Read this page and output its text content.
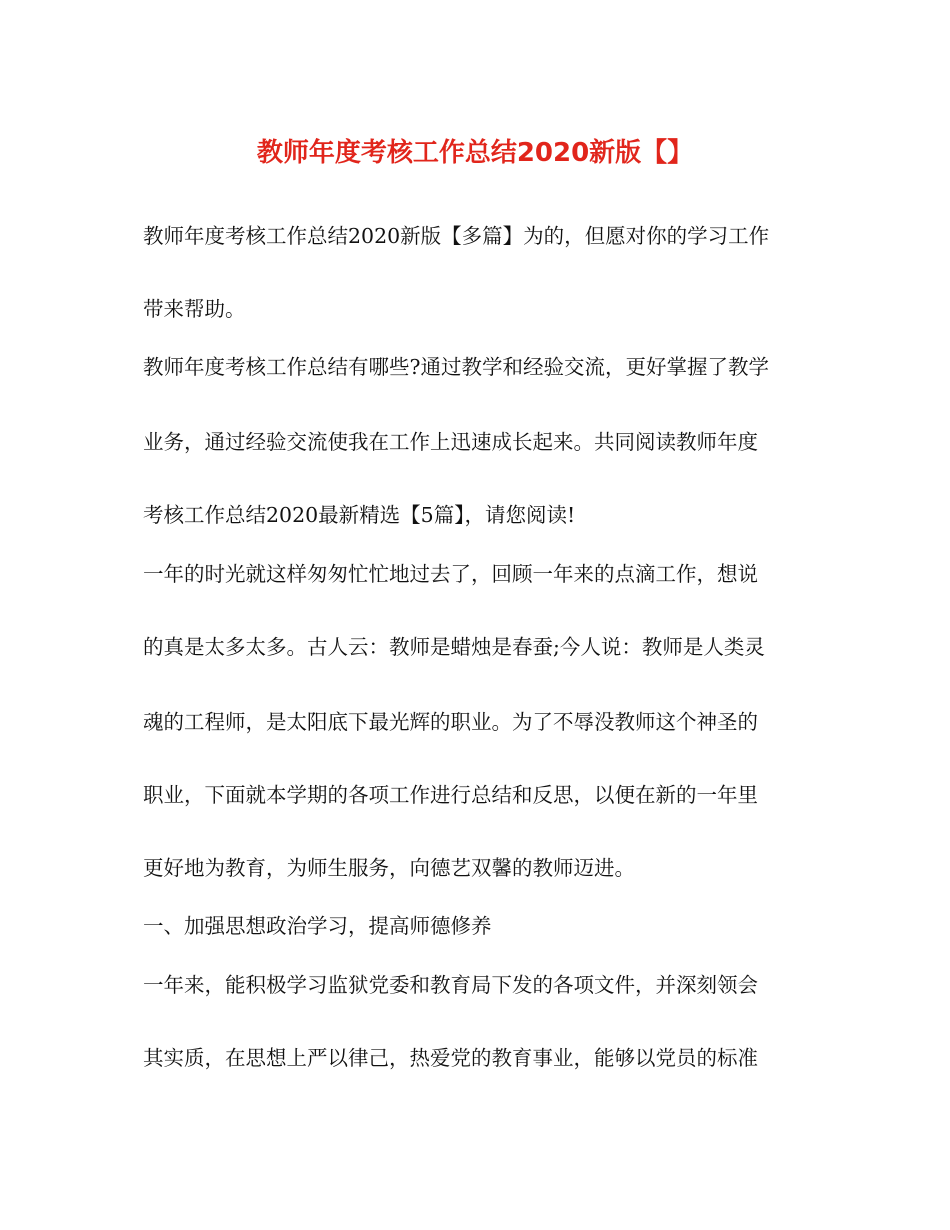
教师年度考核工作总结2020新版【】

教师年度考核工作总结2020新版【多篇】为的，但愿对你的学习工作

带来帮助。

教师年度考核工作总结有哪些?通过教学和经验交流，更好掌握了教学

业务，通过经验交流使我在工作上迅速成长起来。共同阅读教师年度

考核工作总结2020最新精选【5篇】，请您阅读!

一年的时光就这样匆匆忙忙地过去了，回顾一年来的点滴工作，想说

的真是太多太多。古人云：教师是蜡烛是春蚕;今人说：教师是人类灵

魂的工程师，是太阳底下最光辉的职业。为了不辱没教师这个神圣的

职业，下面就本学期的各项工作进行总结和反思，以便在新的一年里

更好地为教育，为师生服务，向德艺双馨的教师迈进。

一、加强思想政治学习，提高师德修养

一年来，能积极学习监狱党委和教育局下发的各项文件，并深刻领会

其实质，在思想上严以律己，热爱党的教育事业，能够以党员的标准
